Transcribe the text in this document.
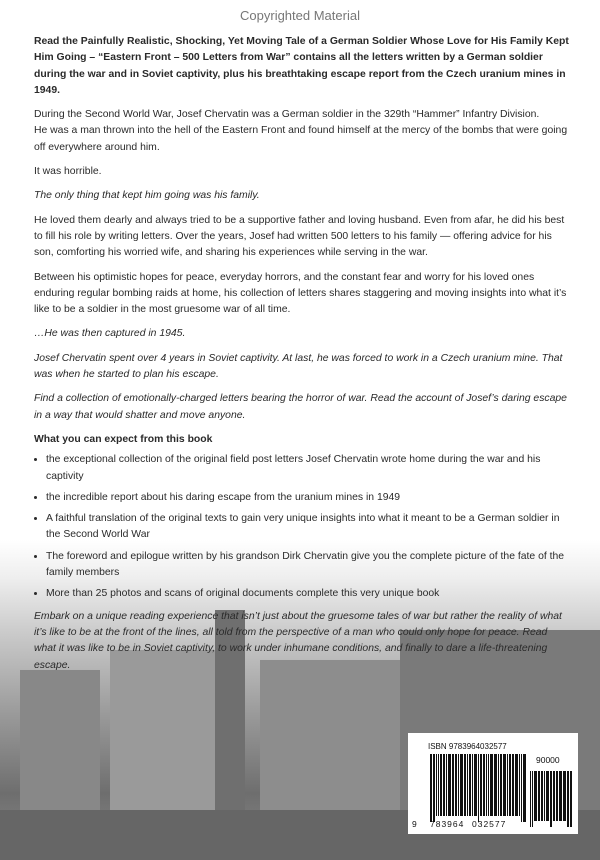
Copyrighted Material

Read the Painfully Realistic, Shocking, Yet Moving Tale of a German Soldier Whose Love for His Family Kept Him Going – “Eastern Front – 500 Letters from War” contains all the letters written by a German soldier during the war and in Soviet captivity, plus his breathtaking escape report from the Czech uranium mines in 1949.

During the Second World War, Josef Chervatin was a German soldier in the 329th “Hammer” Infantry Division.
He was a man thrown into the hell of the Eastern Front and found himself at the mercy of the bombs that were going off everywhere around him.

It was horrible.

The only thing that kept him going was his family.

He loved them dearly and always tried to be a supportive father and loving husband. Even from afar, he did his best to fill his role by writing letters. Over the years, Josef had written 500 letters to his family — offering advice for his son, comforting his worried wife, and sharing his experiences while serving in the war.

Between his optimistic hopes for peace, everyday horrors, and the constant fear and worry for his loved ones enduring regular bombing raids at home, his collection of letters shares staggering and moving insights into what it’s like to be a soldier in the most gruesome war of all time.

…He was then captured in 1945.

Josef Chervatin spent over 4 years in Soviet captivity. At last, he was forced to work in a Czech uranium mine. That was when he started to plan his escape.

Find a collection of emotionally-charged letters bearing the horror of war. Read the account of Josef’s daring escape in a way that would shatter and move anyone.

What you can expect from this book

• the exceptional collection of the original field post letters Josef Chervatin wrote home during the war and his captivity
• the incredible report about his daring escape from the uranium mines in 1949
• A faithful translation of the original texts to gain very unique insights into what it meant to be a German soldier in the Second World War
• The foreword and epilogue written by his grandson Dirk Chervatin give you the complete picture of the fate of the family members
• More than 25 photos and scans of original documents complete this very unique book

Embark on a unique reading experience that isn’t just about the gruesome tales of war but rather the reality of what it’s like to be at the front of the lines, all told from the perspective of a man who could only hope for peace. Read what it was like to be in Soviet captivity, to work under inhumane conditions, and finally to dare a life-threatening escape.

ISBN 9783964032577
90000
9 783964 032577
